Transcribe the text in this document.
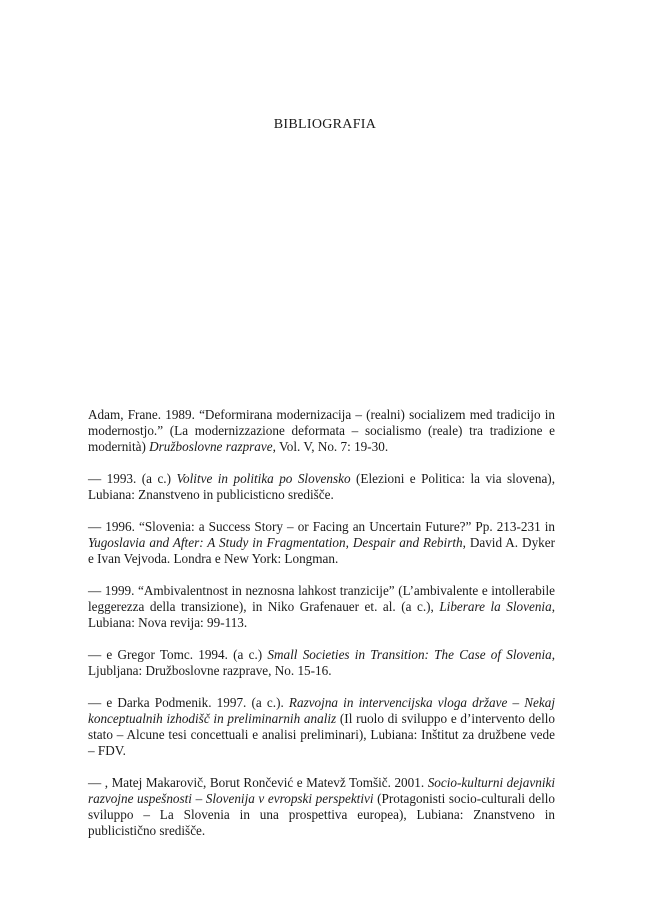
BIBLIOGRAFIA

Adam, Frane. 1989. “Deformirana modernizacija – (realni) socializem med tradicijo in modernostjo.” (La modernizzazione deformata – socialismo (reale) tra tradizione e modernità) Družboslovne razprave, Vol. V, No. 7: 19-30.

— 1993. (a c.) Volitve in politika po Slovensko (Elezioni e Politica: la via slovena), Lubiana: Znanstveno in publicisticno središče.

— 1996. “Slovenia: a Success Story – or Facing an Uncertain Future?” Pp. 213-231 in Yugoslavia and After: A Study in Fragmentation, Despair and Rebirth, David A. Dyker e Ivan Vejvoda. Londra e New York: Longman.

— 1999. “Ambivalentnost in neznosna lahkost tranzicije” (L’ambivalente e intollerabile leggerezza della transizione), in Niko Grafenauer et. al. (a c.), Liberare la Slovenia, Lubiana: Nova revija: 99-113.

— e Gregor Tomc. 1994. (a c.) Small Societies in Transition: The Case of Slovenia, Ljubljana: Družboslovne razprave, No. 15-16.

— e Darka Podmenik. 1997. (a c.). Razvojna in intervencijska vloga države – Nekaj konceptualnih izhodišč in preliminarnih analiz (Il ruolo di sviluppo e d’intervento dello stato – Alcune tesi concettuali e analisi preliminari), Lubiana: Inštitut za družbene vede – FDV.

— , Matej Makarovič, Borut Rončević e Matevž Tomšič. 2001. Socio-kulturni dejavniki razvojne uspešnosti – Slovenija v evropski perspektivi (Protagonisti socio-culturali dello sviluppo – La Slovenia in una prospettiva europea), Lubiana: Znanstveno in publicistično središče.
